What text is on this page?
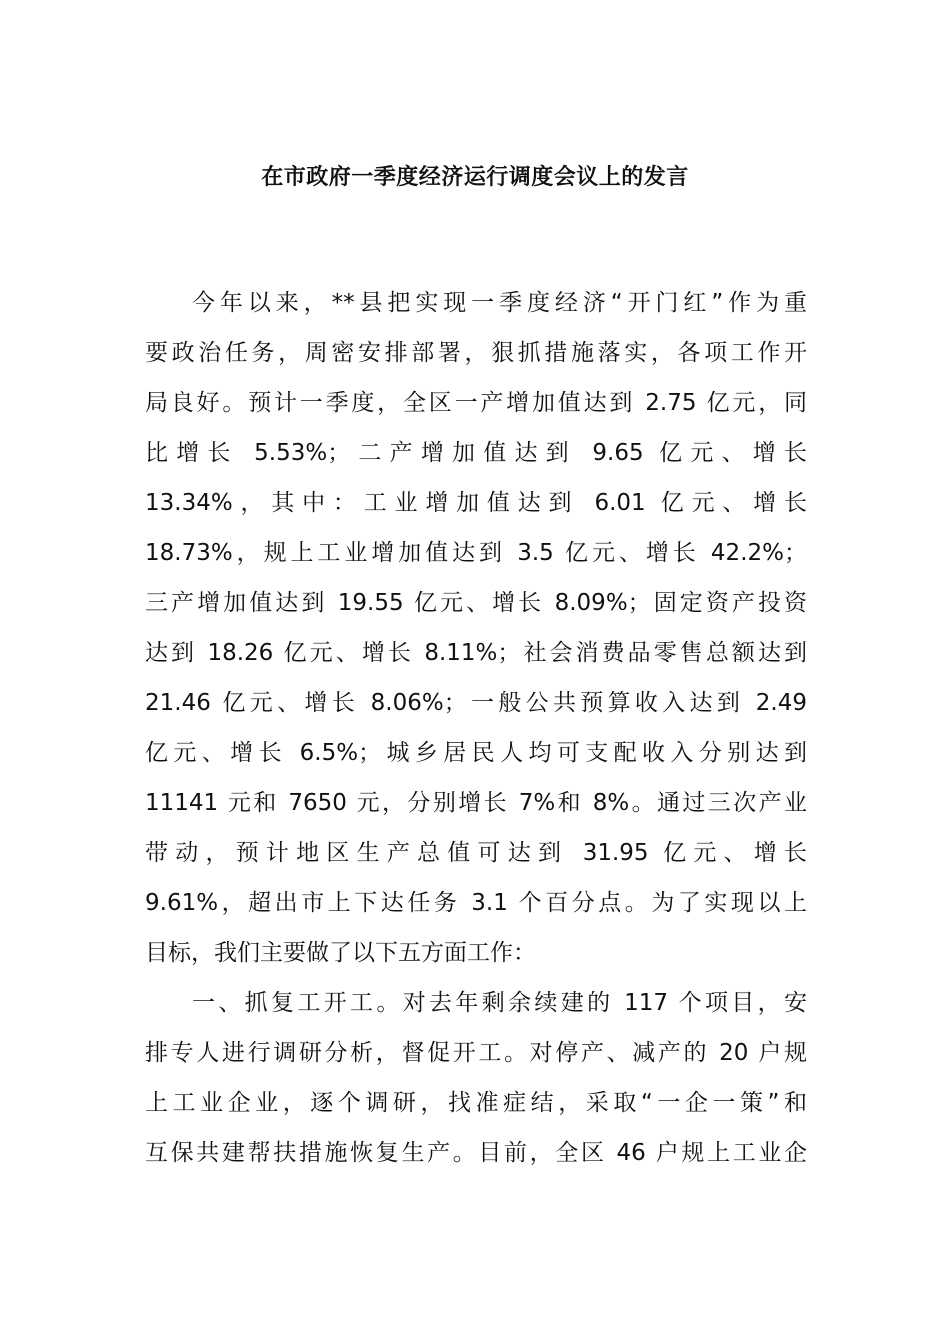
在市政府一季度经济运行调度会议上的发言
今年以来，**县把实现一季度经济“开门红”作为重
要政治任务，周密安排部署，狠抓措施落实，各项工作开
局良好。预计一季度，全区一产增加值达到 2.75 亿元，同
比增长 5.53%；二产增加值达到 9.65 亿元、增长
13.34%，其中：工业增加值达到 6.01 亿元、增长
18.73%，规上工业增加值达到 3.5 亿元、增长 42.2%；
三产增加值达到 19.55 亿元、增长 8.09%；固定资产投资
达到 18.26 亿元、增长 8.11%；社会消费品零售总额达到
21.46 亿元、增长 8.06%；一般公共预算收入达到 2.49
亿元、增长 6.5%；城乡居民人均可支配收入分别达到
11141 元和 7650 元，分别增长 7%和 8%。通过三次产业
带动，预计地区生产总值可达到 31.95 亿元、增长
9.61%，超出市上下达任务 3.1 个百分点。为了实现以上
目标，我们主要做了以下五方面工作：
一、抓复工开工。对去年剩余续建的 117 个项目，安
排专人进行调研分析，督促开工。对停产、减产的 20 户规
上工业企业，逐个调研，找准症结，采取“一企一策”和
互保共建帮扶措施恢复生产。目前，全区 46 户规上工业企
